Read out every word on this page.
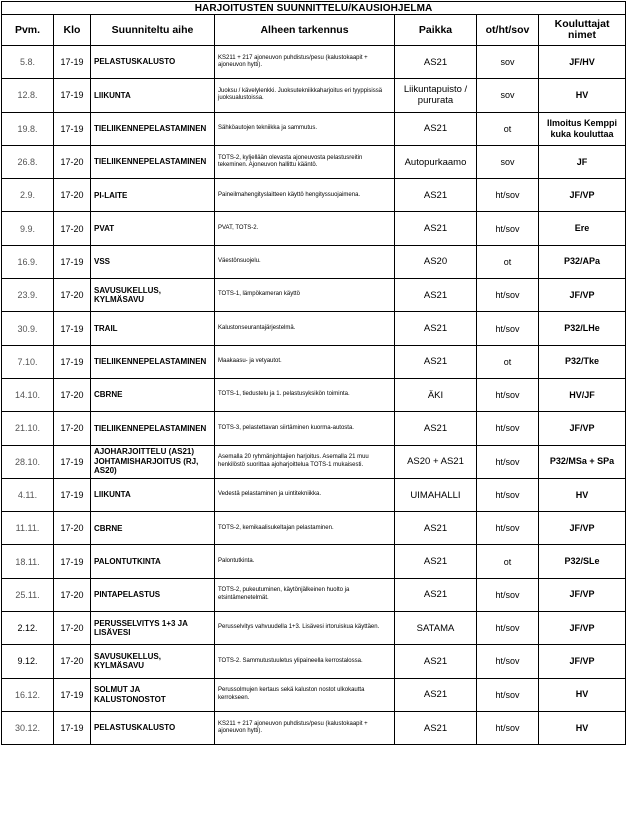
HARJOITUSTEN SUUNNITTELU/KAUSIOHJELMA						
Pvm.	Klo	Suunniteltu aihe	Alheen tarkennus	Paikka	ot/ht/sov	Kouluttajat nimet
5.8.	17-19	PELASTUSKALUSTO	KS211 + 217 ajoneuvon puhdistus/pesu (kalustokaapit + ajoneuvon hytti).	AS21	sov	JF/HV
12.8.	17-19	LIIKUNTA	Juoksu / kävelylenkki. Juoksutekniikkaharjoitus eri tyyppisissä juoksualustoissa.	Liikuntapuisto / pururata	sov	HV
19.8.	17-19	TIELIIKENNEPELASTAMINEN	Sähköautojen tekniikka ja sammutus.	AS21	ot	Ilmoitus Kemppi kuka kouluttaa
26.8.	17-20	TIELIIKENNEPELASTAMINEN	TOTS-2, kyljellään olevasta ajoneuvosta pelastusreitin tekeminen. Ajoneuvon hallittu kääntö.	Autopurkaamo	sov	JF
2.9.	17-20	PI-LAITE	Paineilmahengityslaitteen käyttö hengityssuojaimena.	AS21	ht/sov	JF/VP
9.9.	17-20	PVAT	PVAT, TOTS-2.	AS21	ht/sov	Ere
16.9.	17-19	VSS	Väestönsuojelu.	AS20	ot	P32/APa
23.9.	17-20	SAVUSUKELLUS, KYLMÄSAVU	TOTS-1, lämpökameran käyttö	AS21	ht/sov	JF/VP
30.9.	17-19	TRAIL	Kalustonseurantajärjestelmä.	AS21	ht/sov	P32/LHe
7.10.	17-19	TIELIIKENNEPELASTAMINEN	Maakaasu- ja vetyautot.	AS21	ot	P32/Tke
14.10.	17-20	CBRNE	TOTS-1, tiedustelu ja 1. pelastusyksikön toiminta.	ÄKI	ht/sov	HV/JF
21.10.	17-20	TIELIIKENNEPELASTAMINEN	TOTS-3, pelastettavan siirtäminen kuorma-autosta.	AS21	ht/sov	JF/VP
28.10.	17-19	AJOHARJOITTELU (AS21) JOHTAMISHARJOITUS (RJ, AS20)	Asemalla 20 ryhmänjohtajien harjoitus. Asemalla 21 muu henkilöstö suorittaa ajoharjoittelua TOTS-1 mukaisesti.	AS20 + AS21	ht/sov	P32/MSa + SPa
4.11.	17-19	LIIKUNTA	Vedestä pelastaminen ja uintitekniikka.	UIMAHALLI	ht/sov	HV
11.11.	17-20	CBRNE	TOTS-2, kemikaalisukeltajan pelastaminen.	AS21	ht/sov	JF/VP
18.11.	17-19	PALONTUTKINTA	Palontutkinta.	AS21	ot	P32/SLe
25.11.	17-20	PINTAPELASTUS	TOTS-2, pukeutuminen, käytönjälkeinen huolto ja etsintämenetelmät.	AS21	ht/sov	JF/VP
2.12.	17-20	PERUSSELVITYS 1+3 JA LISÄVESI	Perusselvitys vahvuudella 1+3. Lisävesi irtoruiskua käyttäen.	SATAMA	ht/sov	JF/VP
9.12.	17-20	SAVUSUKELLUS, KYLMÄSAVU	TOTS-2. Sammutustuuletus ylipaineella kerrostalossa.	AS21	ht/sov	JF/VP
16.12.	17-19	SOLMUT JA KALUSTONOSTOT	Perussolmujen kertaus sekä kaluston nostot ulkokautta kerrokseen.	AS21	ht/sov	HV
30.12.	17-19	PELASTUSKALUSTO	KS211 + 217 ajoneuvon puhdistus/pesu (kalustokaapit + ajoneuvon hytti).	AS21	ht/sov	HV
